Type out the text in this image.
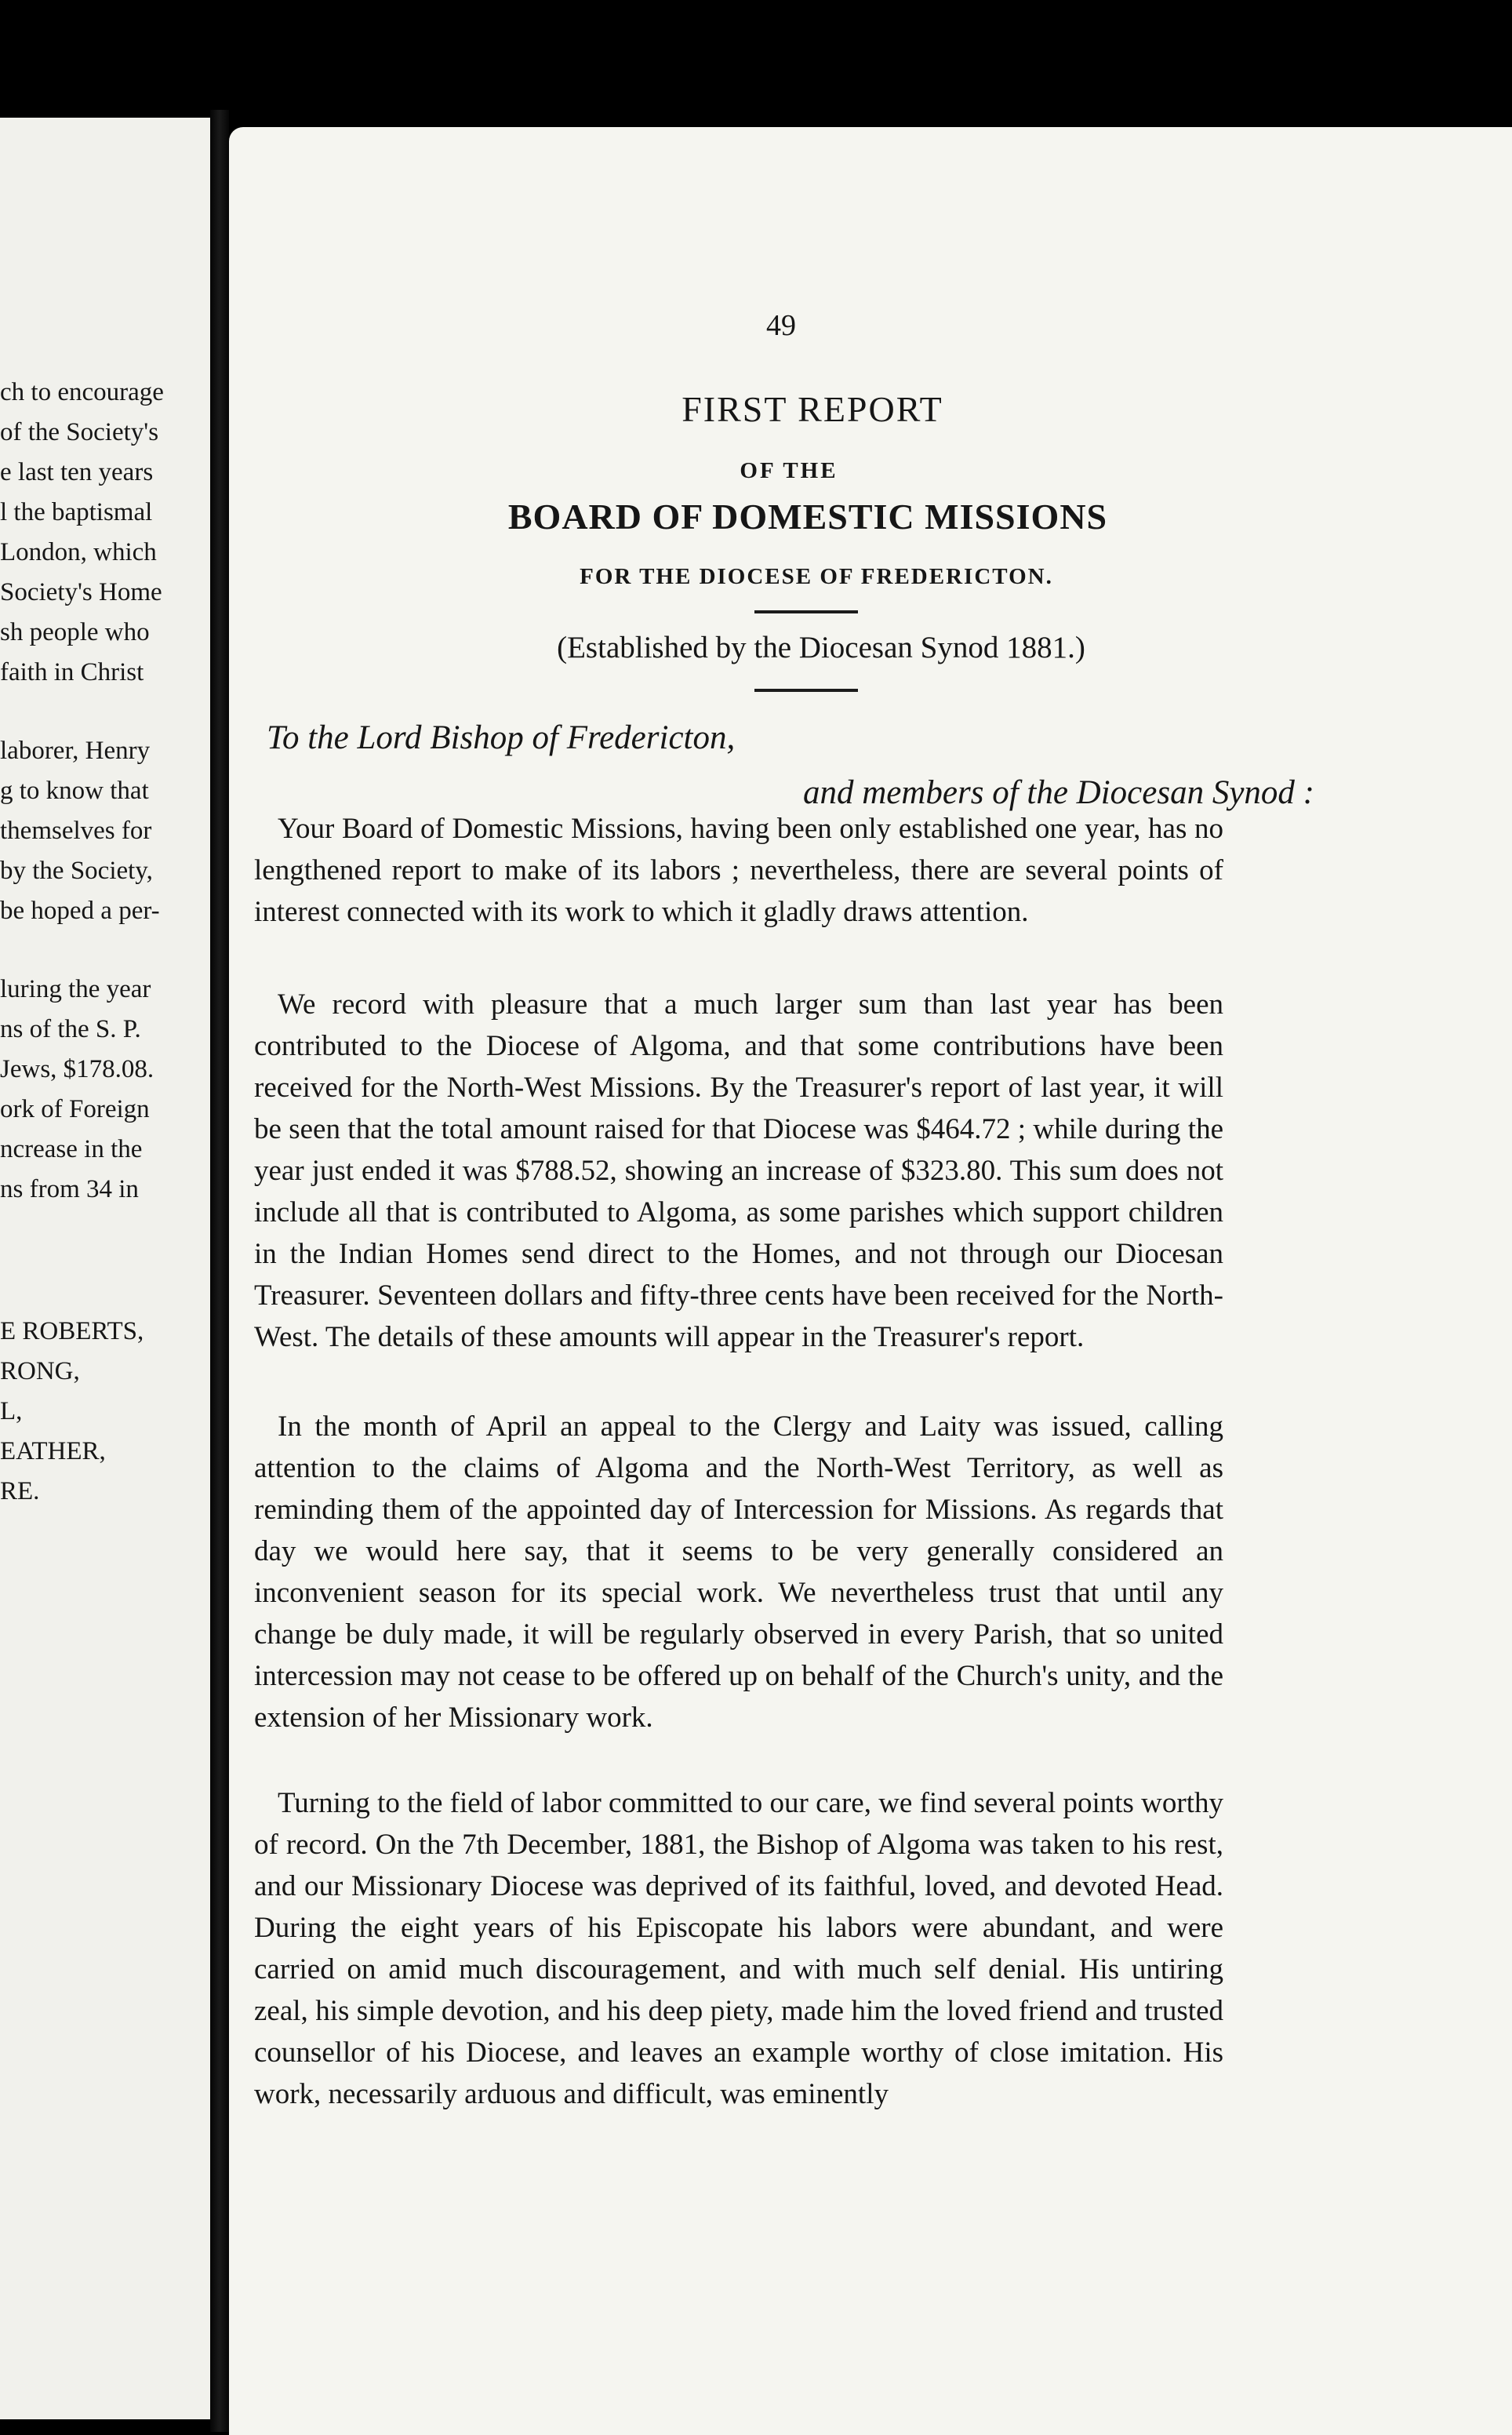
ch to encourage
of the Society's
e last ten years
l the baptismal
London, which
Society's Home
sh people who
faith in Christ
laborer, Henry
g to know that
themselves for
by the Society,
be hoped a per-
luring the year
ns of the S. P.
Jews, $178.08.
ork of Foreign
ncrease in the
ns from 34 in
E ROBERTS,
RONG,
L,
EATHER,
RE.
49
FIRST REPORT
OF THE
BOARD OF DOMESTIC MISSIONS
FOR THE DIOCESE OF FREDERICTON.
(Established by the Diocesan Synod 1881.)
To the Lord Bishop of Fredericton,
and members of the Diocesan Synod :

Your Board of Domestic Missions, having been only established one year, has no lengthened report to make of its labors ; nevertheless, there are several points of interest connected with its work to which it gladly draws attention.

We record with pleasure that a much larger sum than last year has been contributed to the Diocese of Algoma, and that some contributions have been received for the North-West Missions. By the Treasurer's report of last year, it will be seen that the total amount raised for that Diocese was $464.72 ; while during the year just ended it was $788.52, showing an increase of $323.80. This sum does not include all that is contributed to Algoma, as some parishes which support children in the Indian Homes send direct to the Homes, and not through our Diocesan Treasurer. Seventeen dollars and fifty-three cents have been received for the North-West. The details of these amounts will appear in the Treasurer's report.

In the month of April an appeal to the Clergy and Laity was issued, calling attention to the claims of Algoma and the North-West Territory, as well as reminding them of the appointed day of Intercession for Missions. As regards that day we would here say, that it seems to be very generally considered an inconvenient season for its special work. We nevertheless trust that until any change be duly made, it will be regularly observed in every Parish, that so united intercession may not cease to be offered up on behalf of the Church's unity, and the extension of her Missionary work.

Turning to the field of labor committed to our care, we find several points worthy of record. On the 7th December, 1881, the Bishop of Algoma was taken to his rest, and our Missionary Diocese was deprived of its faithful, loved, and devoted Head. During the eight years of his Episcopate his labors were abundant, and were carried on amid much discouragement, and with much self denial. His untiring zeal, his simple devotion, and his deep piety, made him the loved friend and trusted counsellor of his Diocese, and leaves an example worthy of close imitation. His work, necessarily arduous and difficult, was eminently
